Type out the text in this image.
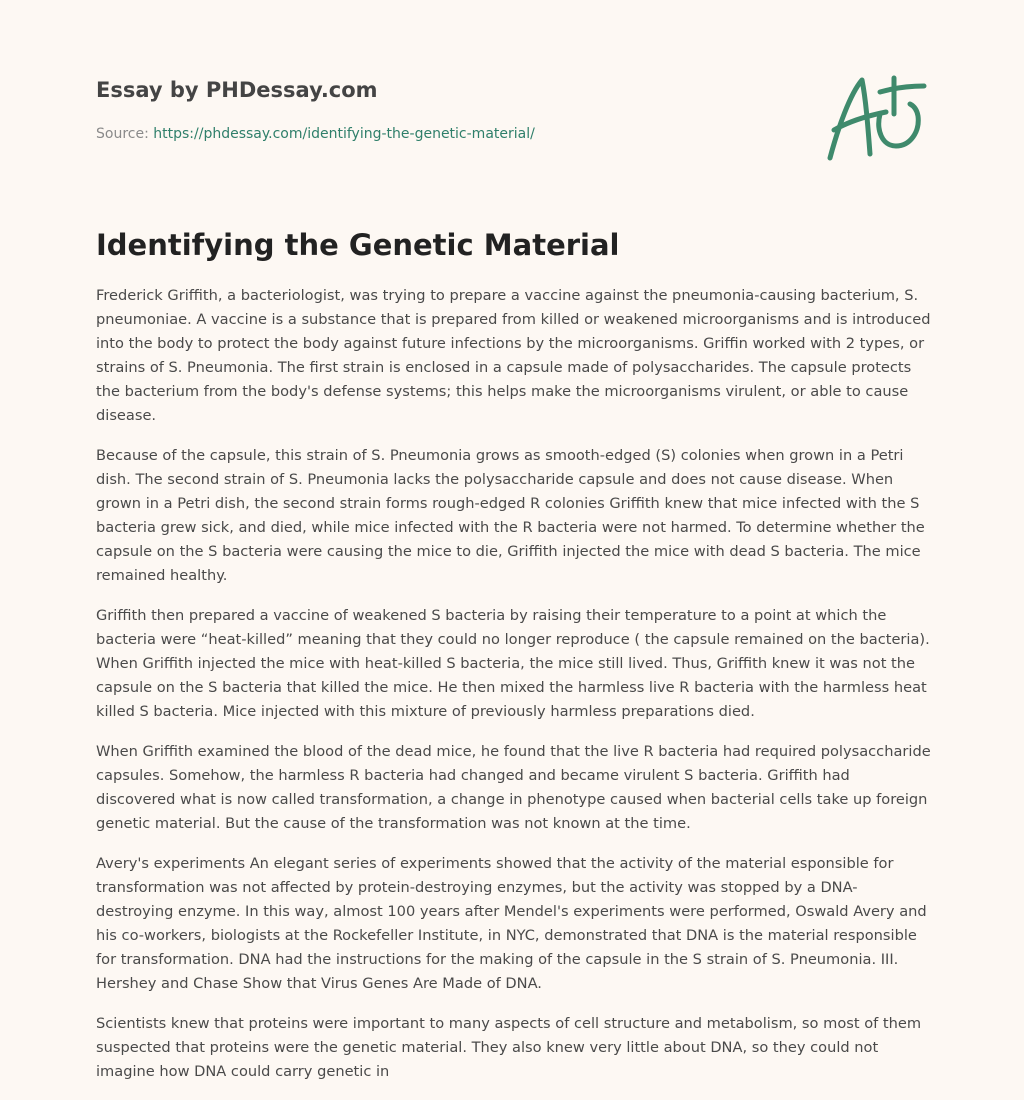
Essay by PHDessay.com
Source: https://phdessay.com/identifying-the-genetic-material/
Identifying the Genetic Material

Frederick Griffith, a bacteriologist, was trying to prepare a vaccine against the pneumonia-causing bacterium, S. pneumoniae. A vaccine is a substance that is prepared from killed or weakened microorganisms and is introduced into the body to protect the body against future infections by the microorganisms. Griffin worked with 2 types, or strains of S. Pneumonia. The first strain is enclosed in a capsule made of polysaccharides. The capsule protects the bacterium from the body's defense systems; this helps make the microorganisms virulent, or able to cause disease.

Because of the capsule, this strain of S. Pneumonia grows as smooth-edged (S) colonies when grown in a Petri dish. The second strain of S. Pneumonia lacks the polysaccharide capsule and does not cause disease. When grown in a Petri dish, the second strain forms rough-edged R colonies Griffith knew that mice infected with the S bacteria grew sick, and died, while mice infected with the R bacteria were not harmed. To determine whether the capsule on the S bacteria were causing the mice to die, Griffith injected the mice with dead S bacteria. The mice remained healthy.

Griffith then prepared a vaccine of weakened S bacteria by raising their temperature to a point at which the bacteria were “heat-killed” meaning that they could no longer reproduce ( the capsule remained on the bacteria). When Griffith injected the mice with heat-killed S bacteria, the mice still lived. Thus, Griffith knew it was not the capsule on the S bacteria that killed the mice. He then mixed the harmless live R bacteria with the harmless heat killed S bacteria. Mice injected with this mixture of previously harmless preparations died.

When Griffith examined the blood of the dead mice, he found that the live R bacteria had required polysaccharide capsules. Somehow, the harmless R bacteria had changed and became virulent S bacteria. Griffith had discovered what is now called transformation, a change in phenotype caused when bacterial cells take up foreign genetic material. But the cause of the transformation was not known at the time.

Avery's experiments An elegant series of experiments showed that the activity of the material esponsible for transformation was not affected by protein-destroying enzymes, but the activity was stopped by a DNA-destroying enzyme. In this way, almost 100 years after Mendel's experiments were performed, Oswald Avery and his co-workers, biologists at the Rockefeller Institute, in NYC, demonstrated that DNA is the material responsible for transformation. DNA had the instructions for the making of the capsule in the S strain of S. Pneumonia. III. Hershey and Chase Show that Virus Genes Are Made of DNA.

Scientists knew that proteins were important to many aspects of cell structure and metabolism, so most of them suspected that proteins were the genetic material. They also knew very little about DNA, so they could not imagine how DNA could carry genetic in
